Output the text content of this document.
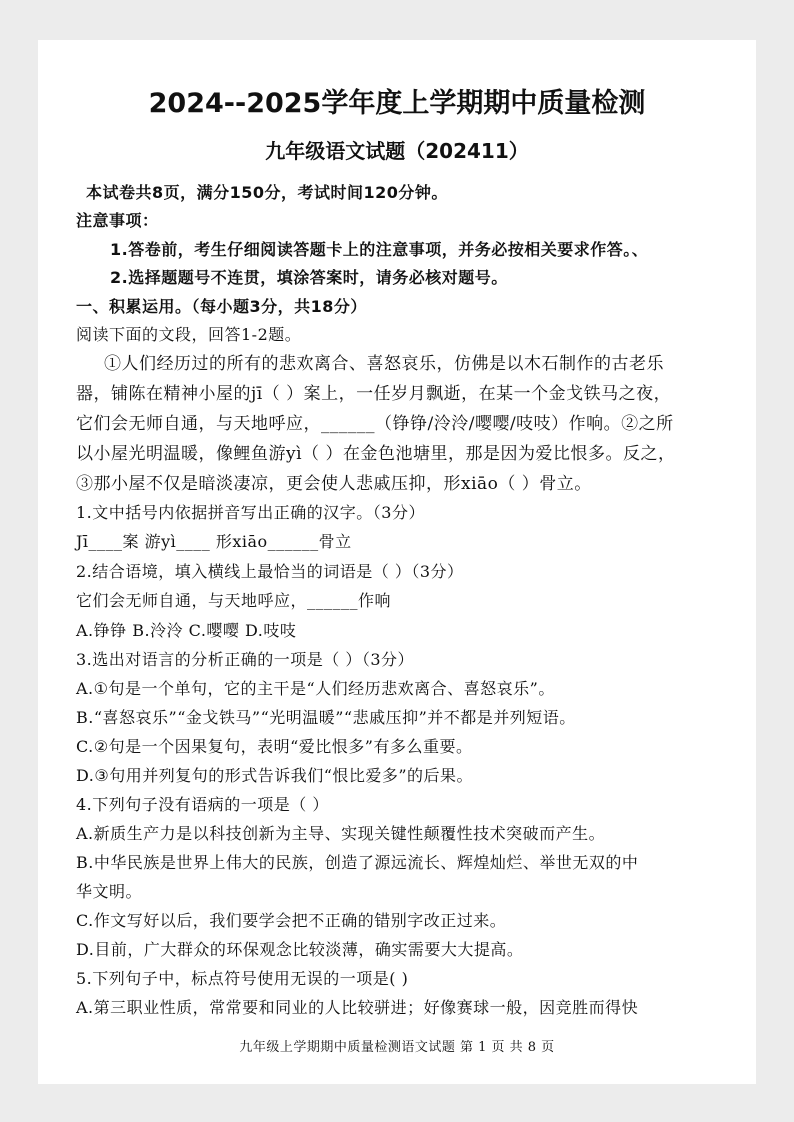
2024--2025学年度上学期期中质量检测
九年级语文试题（202411）
本试卷共8页，满分150分，考试时间120分钟。
注意事项：
1.答卷前，考生仔细阅读答题卡上的注意事项，并务必按相关要求作答。、
2.选择题题号不连贯，填涂答案时，请务必核对题号。
一、积累运用。（每小题3分，共18分）
阅读下面的文段，回答1-2题。
①人们经历过的所有的悲欢离合、喜怒哀乐，仿佛是以木石制作的古老乐
器，铺陈在精神小屋的jī（ ）案上，一任岁月飘逝，在某一个金戈铁马之夜，
它们会无师自通，与天地呼应，______（铮铮/泠泠/嘤嘤/吱吱）作响。②之所
以小屋光明温暖，像鲤鱼游yì（ ）在金色池塘里，那是因为爱比恨多。反之，
③那小屋不仅是暗淡凄凉，更会使人悲戚压抑，形xiāo（ ）骨立。
1.文中括号内依据拼音写出正确的汉字。（3分）
Jī____案 游yì____ 形xiāo______骨立
2.结合语境，填入横线上最恰当的词语是（ ）（3分）
它们会无师自通，与天地呼应，______作响
A.铮铮 B.泠泠 C.嘤嘤 D.吱吱
3.选出对语言的分析正确的一项是（ ）（3分）
A.①句是一个单句，它的主干是“人们经历悲欢离合、喜怒哀乐”。
B.“喜怒哀乐”“金戈铁马”“光明温暖”“悲戚压抑”并不都是并列短语。
C.②句是一个因果复句，表明“爱比恨多”有多么重要。
D.③句用并列复句的形式告诉我们“恨比爱多”的后果。
4.下列句子没有语病的一项是（ ）
A.新质生产力是以科技创新为主导、实现关键性颠覆性技术突破而产生。
B.中华民族是世界上伟大的民族，创造了源远流长、辉煌灿烂、举世无双的中
华文明。
C.作文写好以后，我们要学会把不正确的错别字改正过来。
D.目前，广大群众的环保观念比较淡薄，确实需要大大提高。
5.下列句子中，标点符号使用无误的一项是( )
A.第三职业性质，常常要和同业的人比较骈进；好像赛球一般，因竞胜而得快
九年级上学期期中质量检测语文试题 第 1 页 共 8 页
